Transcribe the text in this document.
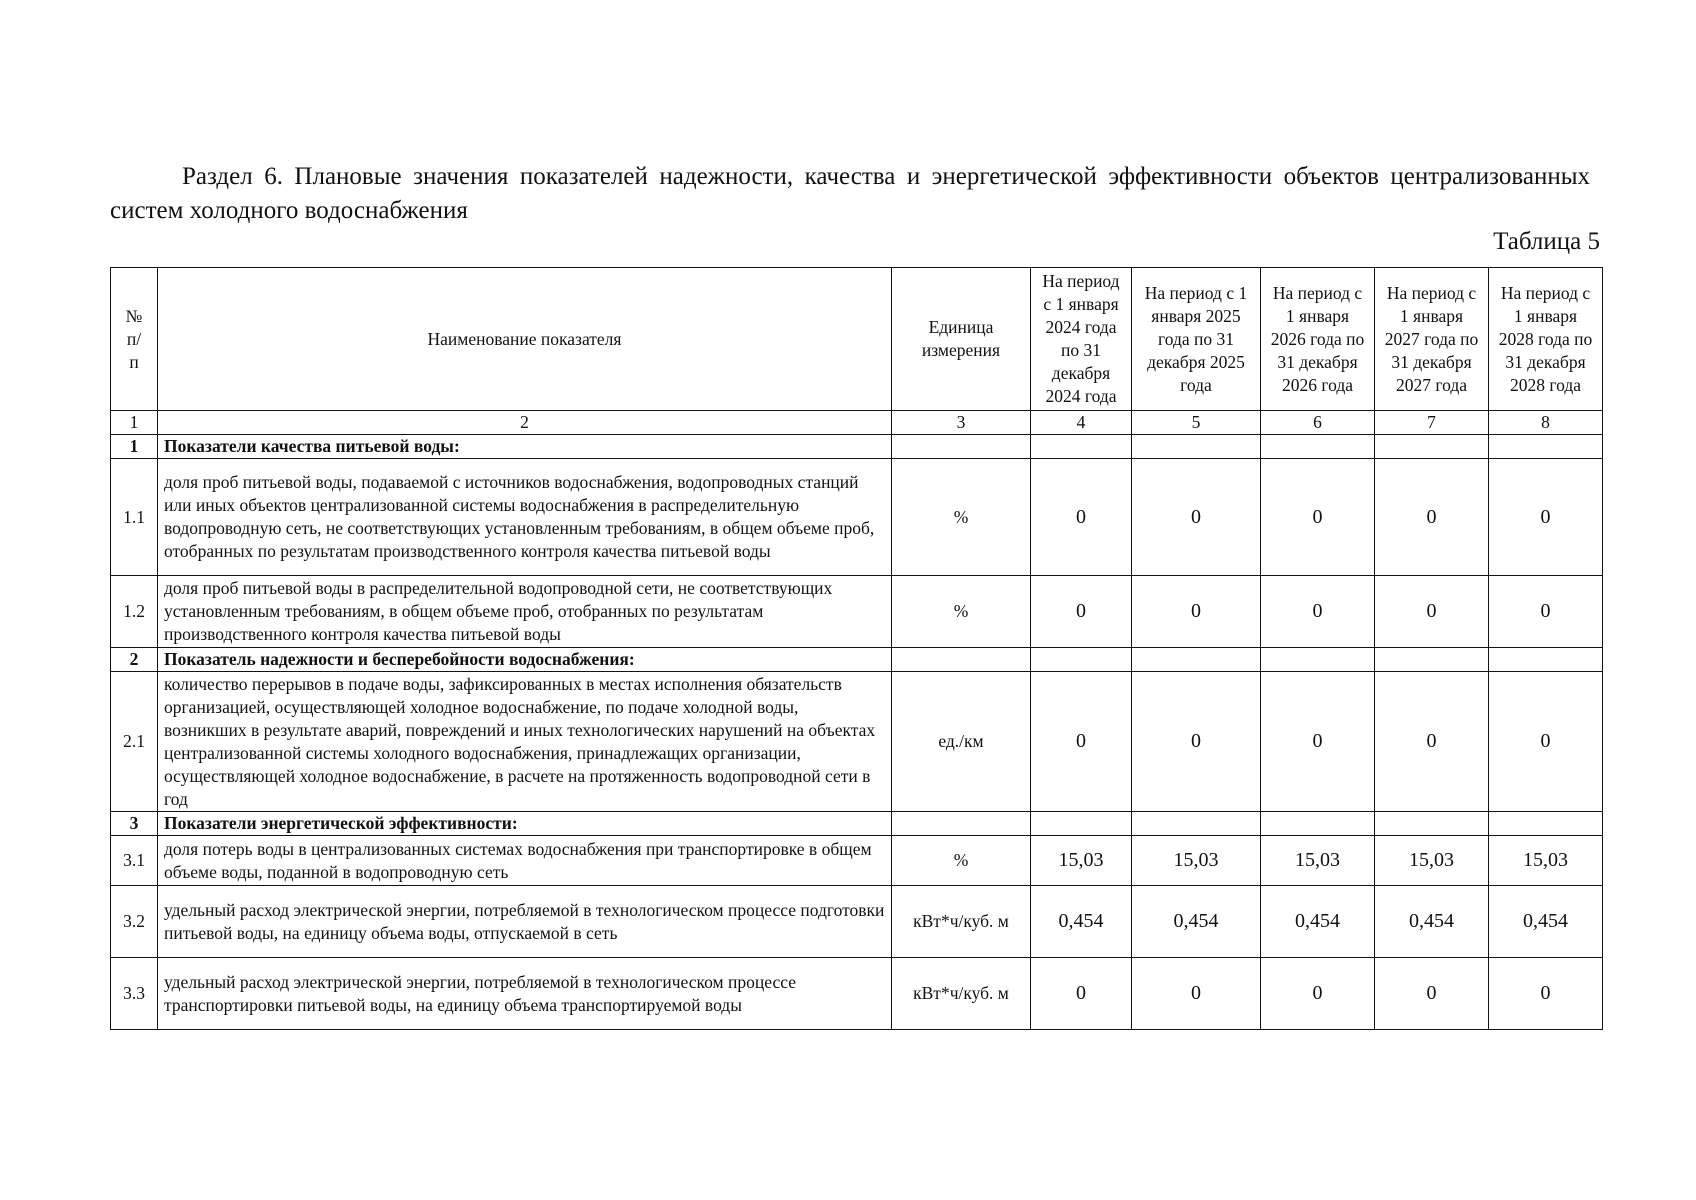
Раздел 6. Плановые значения показателей надежности, качества и энергетической эффективности объектов централизованных систем холодного водоснабжения
Таблица 5
№ п/ п	Наименование показателя	Единица измерения	На период с 1 января 2024 года по 31 декабря 2024 года	На период с 1 января 2025 года по 31 декабря 2025 года	На период с 1 января 2026 года по 31 декабря 2026 года	На период с 1 января 2027 года по 31 декабря 2027 года	На период с 1 января 2028 года по 31 декабря 2028 года
1	2	3	4	5	6	7	8
1	Показатели качества питьевой воды:						
1.1	доля проб питьевой воды, подаваемой с источников водоснабжения, водопроводных станций или иных объектов централизованной системы водоснабжения в распределительную водопроводную сеть, не соответствующих установленным требованиям, в общем объеме проб, отобранных по результатам производственного контроля качества питьевой воды	%	0	0	0	0	0
1.2	доля проб питьевой воды в распределительной водопроводной сети, не соответствующих установленным требованиям, в общем объеме проб, отобранных по результатам производственного контроля качества питьевой воды	%	0	0	0	0	0
2	Показатель надежности и бесперебойности водоснабжения:						
2.1	количество перерывов в подаче воды, зафиксированных в местах исполнения обязательств организацией, осуществляющей холодное водоснабжение, по подаче холодной воды, возникших в результате аварий, повреждений и иных технологических нарушений на объектах централизованной системы холодного водоснабжения, принадлежащих организации, осуществляющей холодное водоснабжение, в расчете на протяженность водопроводной сети в год	ед./км	0	0	0	0	0
3	Показатели энергетической эффективности:						
3.1	доля потерь воды в централизованных системах водоснабжения при транспортировке в общем объеме воды, поданной в водопроводную сеть	%	15,03	15,03	15,03	15,03	15,03
3.2	удельный расход электрической энергии, потребляемой в технологическом процессе подготовки питьевой воды, на единицу объема воды, отпускаемой в сеть	кВт*ч/куб. м	0,454	0,454	0,454	0,454	0,454
3.3	удельный расход электрической энергии, потребляемой в технологическом процессе транспортировки питьевой воды, на единицу объема транспортируемой воды	кВт*ч/куб. м	0	0	0	0	0
